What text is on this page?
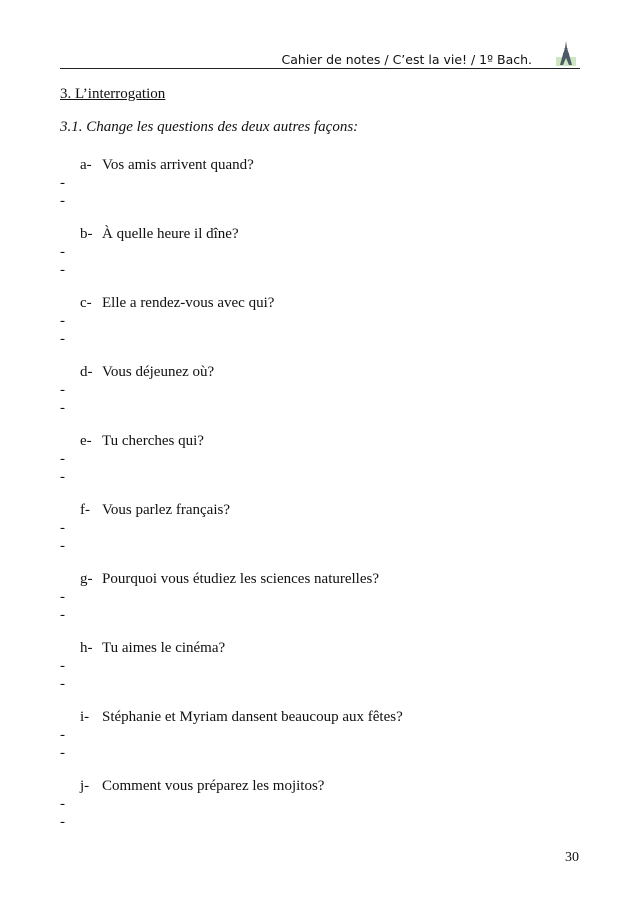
Cahier de notes / C’est la vie! / 1º Bach.
3. L’interrogation
3.1. Change les questions des deux autres façons:
a- Vos amis arrivent quand?
-
-
b- À quelle heure il dîne?
-
-
c- Elle a rendez-vous avec qui?
-
-
d- Vous déjeunez où?
-
-
e- Tu cherches qui?
-
-
f- Vous parlez français?
-
-
g- Pourquoi vous étudiez les sciences naturelles?
-
-
h- Tu aimes le cinéma?
-
-
i- Stéphanie et Myriam dansent beaucoup aux fêtes?
-
-
j- Comment vous préparez les mojitos?
-
-
30
